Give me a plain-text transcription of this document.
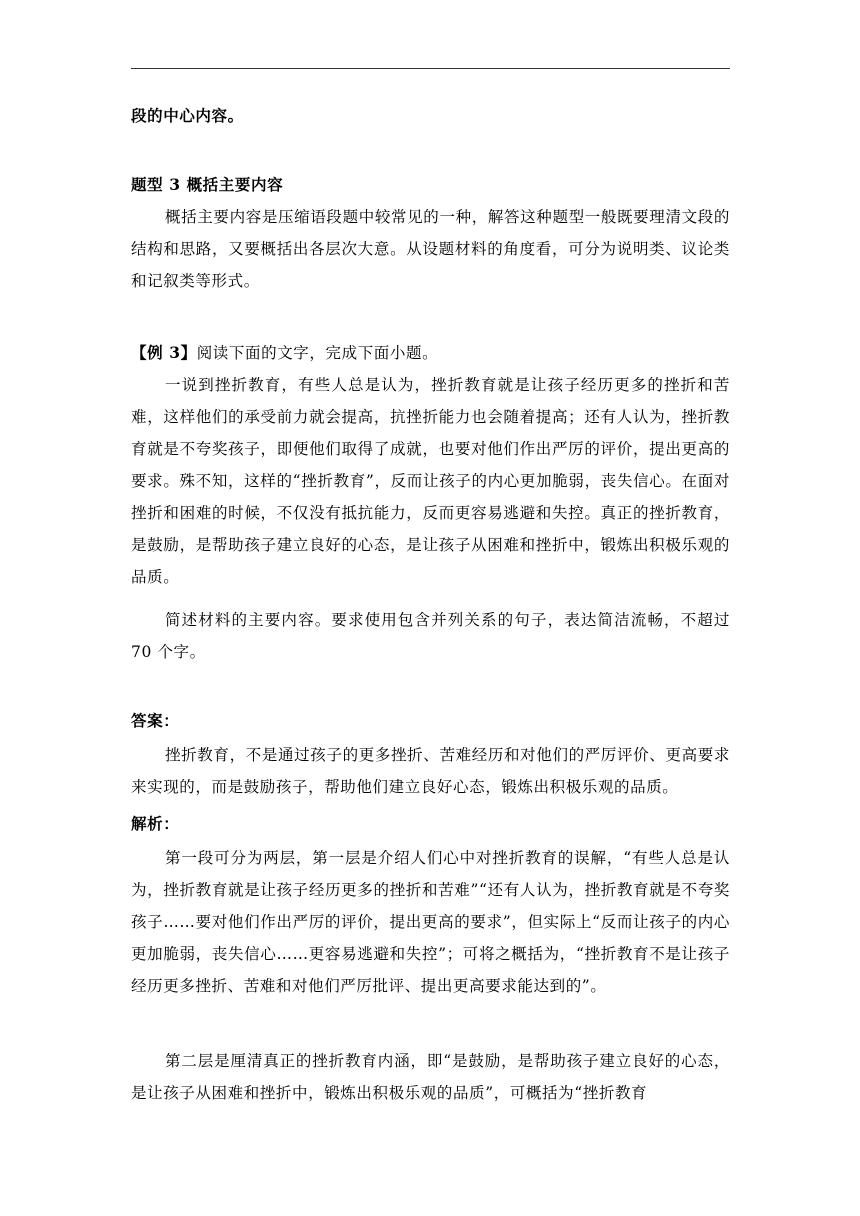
段的中心内容。
题型 3 概括主要内容
概括主要内容是压缩语段题中较常见的一种，解答这种题型一般既要理清文段的结构和思路，又要概括出各层次大意。从设题材料的角度看，可分为说明类、议论类和记叙类等形式。
【例 3】阅读下面的文字，完成下面小题。
一说到挫折教育，有些人总是认为，挫折教育就是让孩子经历更多的挫折和苦难，这样他们的承受前力就会提高，抗挫折能力也会随着提高；还有人认为，挫折教育就是不夸奖孩子，即便他们取得了成就，也要对他们作出严厉的评价，提出更高的要求。殊不知，这样的“挫折教育”，反而让孩子的内心更加脆弱，丧失信心。在面对挫折和困难的时候，不仅没有抵抗能力，反而更容易逃避和失控。真正的挫折教育，是鼓励，是帮助孩子建立良好的心态，是让孩子从困难和挫折中，锻炼出积极乐观的品质。
简述材料的主要内容。要求使用包含并列关系的句子，表达简洁流畅，不超过 70 个字。
答案：
挫折教育，不是通过孩子的更多挫折、苦难经历和对他们的严厉评价、更高要求来实现的，而是鼓励孩子，帮助他们建立良好心态，锻炼出积极乐观的品质。
解析：
第一段可分为两层，第一层是介绍人们心中对挫折教育的误解，“有些人总是认为，挫折教育就是让孩子经历更多的挫折和苦难”“还有人认为，挫折教育就是不夸奖孩子……要对他们作出严厉的评价，提出更高的要求”，但实际上“反而让孩子的内心更加脆弱，丧失信心……更容易逃避和失控”；可将之概括为，“挫折教育不是让孩子经历更多挫折、苦难和对他们严厉批评、提出更高要求能达到的”。
第二层是厘清真正的挫折教育内涵，即“是鼓励，是帮助孩子建立良好的心态，是让孩子从困难和挫折中，锻炼出积极乐观的品质”，可概括为“挫折教育
